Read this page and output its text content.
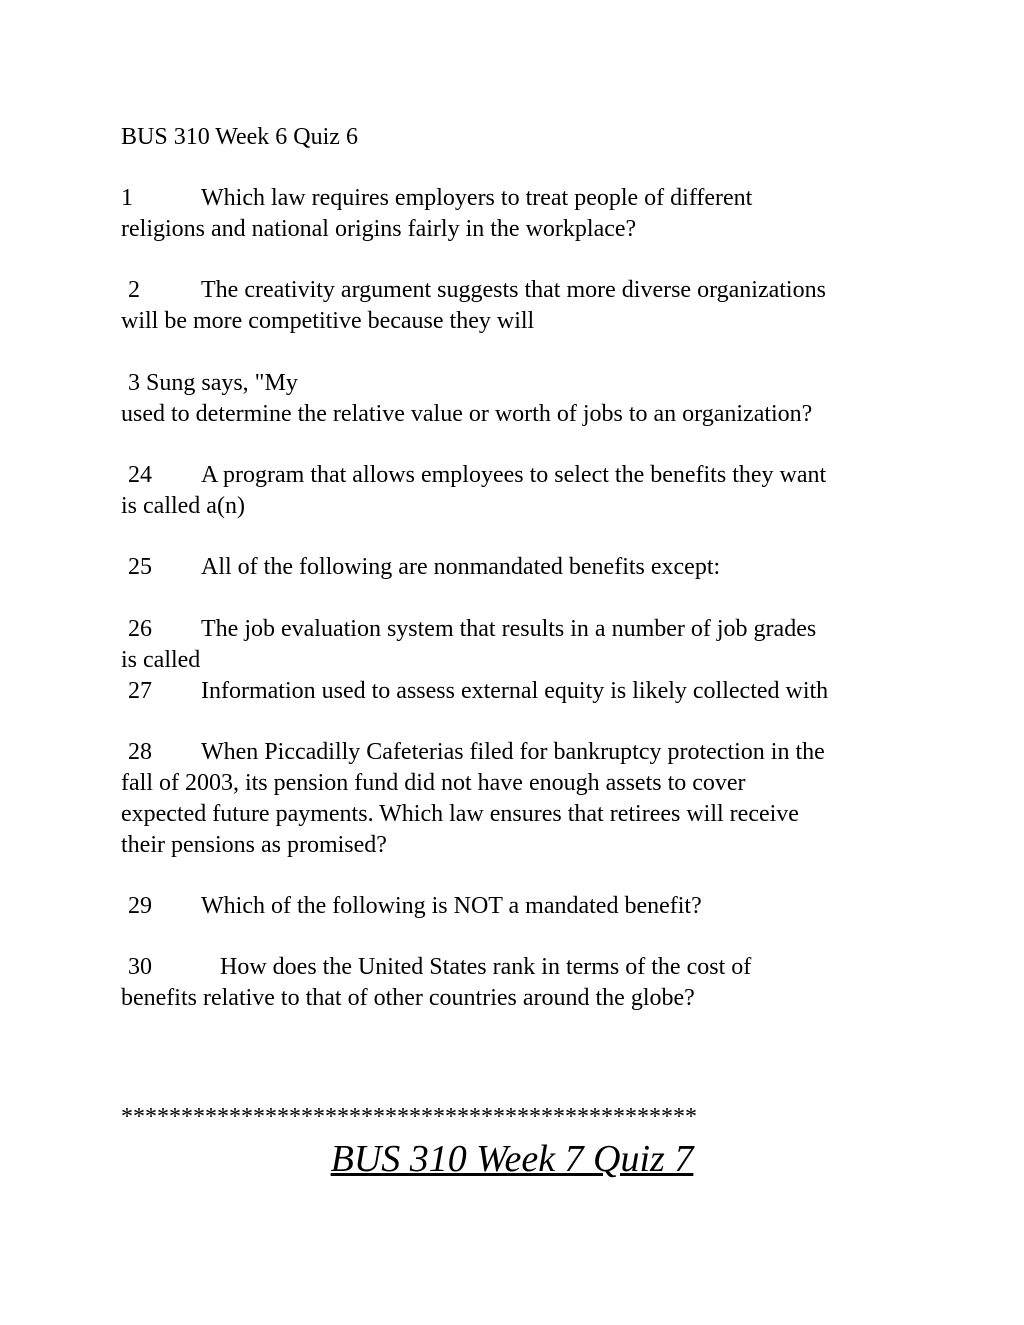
BUS 310 Week 6 Quiz 6
1	Which law requires employers to treat people of different
religions and national origins fairly in the workplace?
2	The creativity argument suggests that more diverse organizations
will be more competitive because they will
3 Sung says, "My
used to determine the relative value or worth of jobs to an organization?
24 A program that allows employees to select the benefits they want
is called a(n)
25 All of the following are nonmandated benefits except:
26 The job evaluation system that results in a number of job grades
is called
27 Information used to assess external equity is likely collected with
28 When Piccadilly Cafeterias filed for bankruptcy protection in the
fall of 2003, its pension fund did not have enough assets to cover
expected future payments. Which law ensures that retirees will receive
their pensions as promised?
29 Which of the following is NOT a mandated benefit?
30	How does the United States rank in terms of the cost of
benefits relative to that of other countries around the globe?
************************************************
BUS 310 Week 7 Quiz 7
